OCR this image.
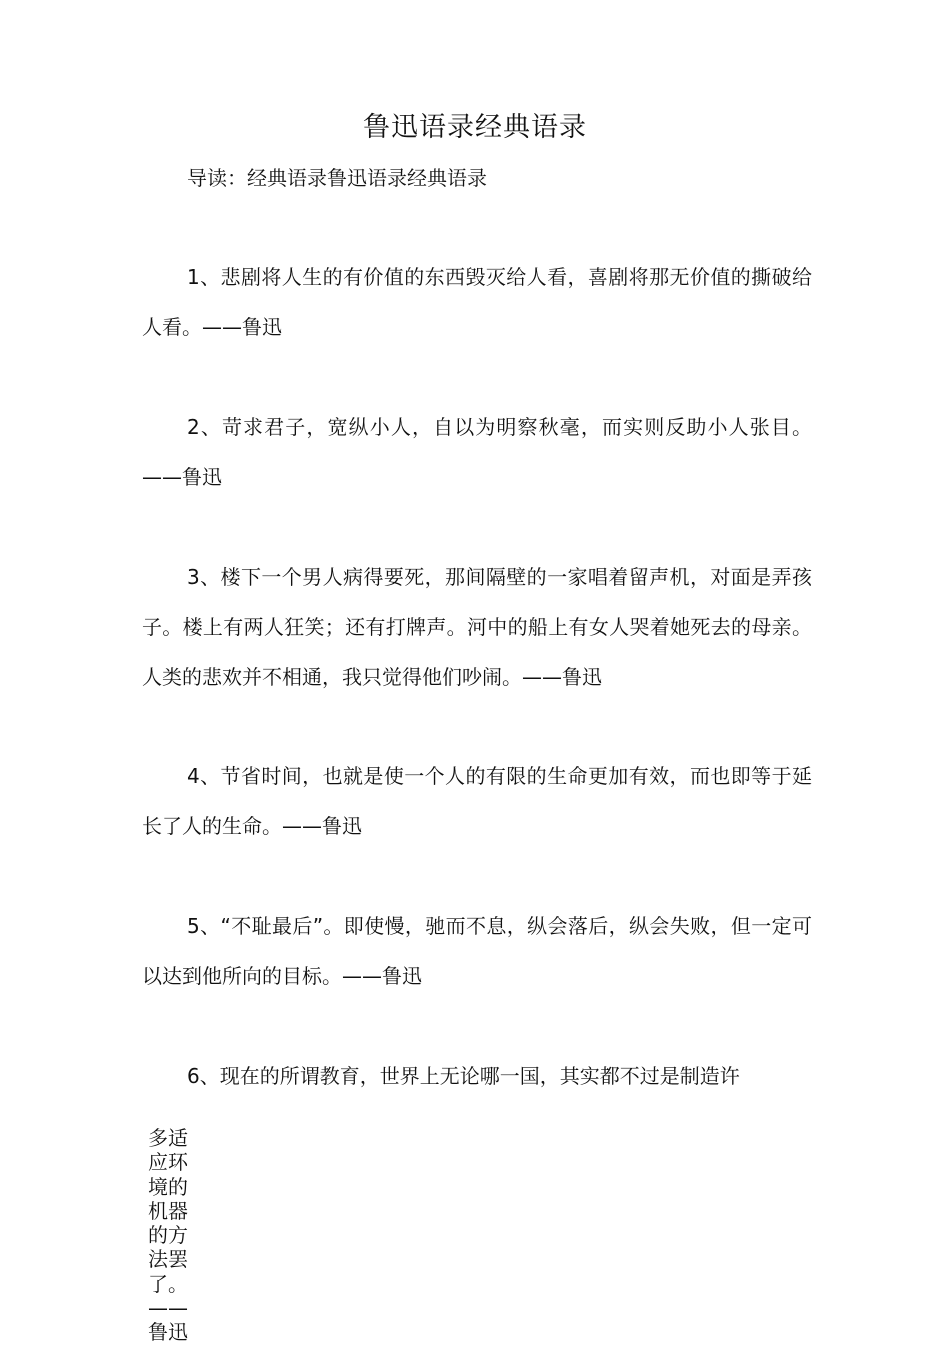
鲁迅语录经典语录
导读：经典语录鲁迅语录经典语录

1、悲剧将人生的有价值的东西毁灭给人看，喜剧将那无价值的撕破给人看。——鲁迅

2、苛求君子，宽纵小人，自以为明察秋毫，而实则反助小人张目。——鲁迅

3、楼下一个男人病得要死，那间隔壁的一家唱着留声机，对面是弄孩子。楼上有两人狂笑；还有打牌声。河中的船上有女人哭着她死去的母亲。人类的悲欢并不相通，我只觉得他们吵闹。——鲁迅

4、节省时间，也就是使一个人的有限的生命更加有效，而也即等于延长了人的生命。——鲁迅

5、“不耻最后”。即使慢，驰而不息，纵会落后，纵会失败，但一定可以达到他所向的目标。——鲁迅

6、现在的所谓教育，世界上无论哪一国，其实都不过是制造许

多适应环境的机器的方法罢了。——鲁迅
